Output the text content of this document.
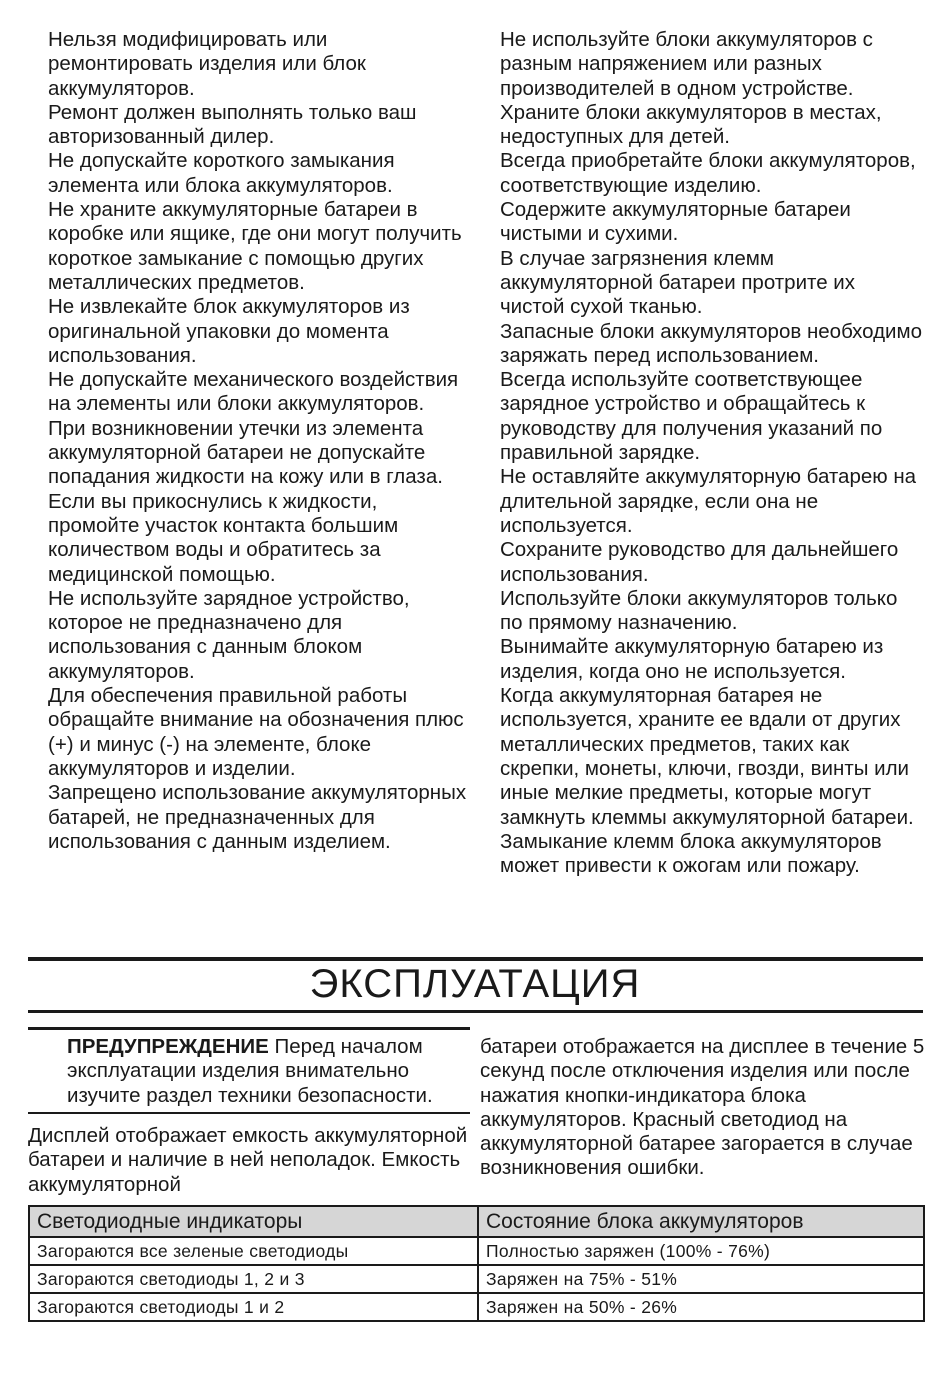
Нельзя модифицировать или ремонтировать изделия или блок аккумуляторов.

Ремонт должен выполнять только ваш авторизованный дилер.

Не допускайте короткого замыкания элемента или блока аккумуляторов.

Не храните аккумуляторные батареи в коробке или ящике, где они могут получить короткое замыкание с помощью других металлических предметов.

Не извлекайте блок аккумуляторов из оригинальной упаковки до момента использования.

Не допускайте механического воздействия на элементы или блоки аккумуляторов.

При возникновении утечки из элемента аккумуляторной батареи не допускайте попадания жидкости на кожу или в глаза. Если вы прикоснулись к жидкости, промойте участок контакта большим количеством воды и обратитесь за медицинской помощью.

Не используйте зарядное устройство, которое не предназначено для использования с данным блоком аккумуляторов.

Для обеспечения правильной работы обращайте внимание на обозначения плюс (+) и минус (-) на элементе, блоке аккумуляторов и изделии.

Запрещено использование аккумуляторных батарей, не предназначенных для использования с данным изделием.

Не используйте блоки аккумуляторов с разным напряжением или разных производителей в одном устройстве.

Храните блоки аккумуляторов в местах, недоступных для детей.

Всегда приобретайте блоки аккумуляторов, соответствующие изделию.

Содержите аккумуляторные батареи чистыми и сухими.

В случае загрязнения клемм аккумуляторной батареи протрите их чистой сухой тканью.

Запасные блоки аккумуляторов необходимо заряжать перед использованием.

Всегда используйте соответствующее зарядное устройство и обращайтесь к руководству для получения указаний по правильной зарядке.

Не оставляйте аккумуляторную батарею на длительной зарядке, если она не используется.

Сохраните руководство для дальнейшего использования.

Используйте блоки аккумуляторов только по прямому назначению.

Вынимайте аккумуляторную батарею из изделия, когда оно не используется.

Когда аккумуляторная батарея не используется, храните ее вдали от других металлических предметов, таких как скрепки, монеты, ключи, гвозди, винты или иные мелкие предметы, которые могут замкнуть клеммы аккумуляторной батареи. Замыкание клемм блока аккумуляторов может привести к ожогам или пожару.

ЭКСПЛУАТАЦИЯ
ПРЕДУПРЕЖДЕНИЕ Перед началом эксплуатации изделия внимательно изучите раздел техники безопасности.
Дисплей отображает емкость аккумуляторной батареи и наличие в ней неполадок. Емкость аккумуляторной
батареи отображается на дисплее в течение 5 секунд после отключения изделия или после нажатия кнопки-индикатора блока аккумуляторов. Красный светодиод на аккумуляторной батарее загорается в случае возникновения ошибки.
Светодиодные индикаторы	Состояние блока аккумуляторов
Загораются все зеленые светодиоды	Полностью заряжен (100% - 76%)
Загораются светодиоды 1, 2 и 3	Заряжен на 75% - 51%
Загораются светодиоды 1 и 2	Заряжен на 50% - 26%
